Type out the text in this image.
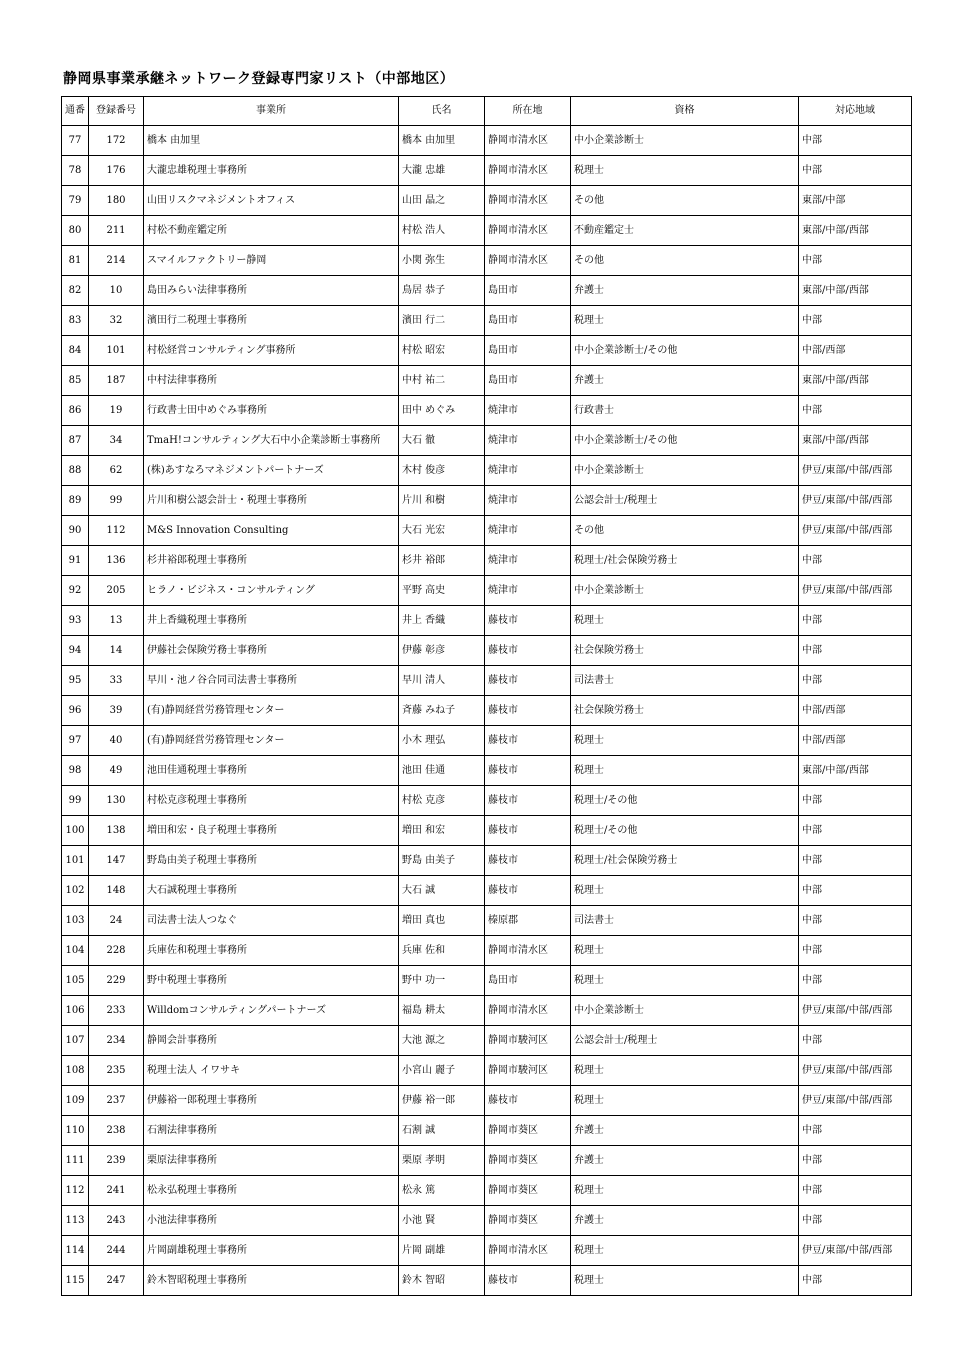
静岡県事業承継ネットワーク登録専門家リスト（中部地区）
通番	登録番号	事業所	氏名	所在地	資格	対応地域
77	172	橋本 由加里	橋本 由加里	静岡市清水区	中小企業診断士	中部
78	176	大瀧忠雄税理士事務所	大瀧 忠雄	静岡市清水区	税理士	中部
79	180	山田リスクマネジメントオフィス	山田 晶之	静岡市清水区	その他	東部/中部
80	211	村松不動産鑑定所	村松 浩人	静岡市清水区	不動産鑑定士	東部/中部/西部
81	214	スマイルファクトリー静岡	小関 弥生	静岡市清水区	その他	中部
82	10	島田みらい法律事務所	鳥居 恭子	島田市	弁護士	東部/中部/西部
83	32	濱田行二税理士事務所	濱田 行二	島田市	税理士	中部
84	101	村松経営コンサルティング事務所	村松 昭宏	島田市	中小企業診断士/その他	中部/西部
85	187	中村法律事務所	中村 祐二	島田市	弁護士	東部/中部/西部
86	19	行政書士田中めぐみ事務所	田中 めぐみ	焼津市	行政書士	中部
87	34	TmaH!コンサルティング大石中小企業診断士事務所	大石 徹	焼津市	中小企業診断士/その他	東部/中部/西部
88	62	(株)あすなろマネジメントパートナーズ	木村 俊彦	焼津市	中小企業診断士	伊豆/東部/中部/西部
89	99	片川和樹公認会計士・税理士事務所	片川 和樹	焼津市	公認会計士/税理士	伊豆/東部/中部/西部
90	112	M&S Innovation Consulting	大石 光宏	焼津市	その他	伊豆/東部/中部/西部
91	136	杉井裕郎税理士事務所	杉井 裕郎	焼津市	税理士/社会保険労務士	中部
92	205	ヒラノ・ビジネス・コンサルティング	平野 高史	焼津市	中小企業診断士	伊豆/東部/中部/西部
93	13	井上香織税理士事務所	井上 香織	藤枝市	税理士	中部
94	14	伊藤社会保険労務士事務所	伊藤 彰彦	藤枝市	社会保険労務士	中部
95	33	早川・池ノ谷合同司法書士事務所	早川 清人	藤枝市	司法書士	中部
96	39	(有)静岡経営労務管理センター	斉藤 みね子	藤枝市	社会保険労務士	中部/西部
97	40	(有)静岡経営労務管理センター	小木 理弘	藤枝市	税理士	中部/西部
98	49	池田佳通税理士事務所	池田 佳通	藤枝市	税理士	東部/中部/西部
99	130	村松克彦税理士事務所	村松 克彦	藤枝市	税理士/その他	中部
100	138	増田和宏・良子税理士事務所	増田 和宏	藤枝市	税理士/その他	中部
101	147	野島由美子税理士事務所	野島 由美子	藤枝市	税理士/社会保険労務士	中部
102	148	大石誠税理士事務所	大石 誠	藤枝市	税理士	中部
103	24	司法書士法人つなぐ	増田 真也	榛原郡	司法書士	中部
104	228	兵庫佐和税理士事務所	兵庫 佐和	静岡市清水区	税理士	中部
105	229	野中税理士事務所	野中 功一	島田市	税理士	中部
106	233	Willdomコンサルティングパートナーズ	福島 耕太	静岡市清水区	中小企業診断士	伊豆/東部/中部/西部
107	234	静岡会計事務所	大池 源之	静岡市駿河区	公認会計士/税理士	中部
108	235	税理士法人 イワサキ	小宮山 麗子	静岡市駿河区	税理士	伊豆/東部/中部/西部
109	237	伊藤裕一郎税理士事務所	伊藤 裕一郎	藤枝市	税理士	伊豆/東部/中部/西部
110	238	石割法律事務所	石割 誠	静岡市葵区	弁護士	中部
111	239	栗原法律事務所	栗原 孝明	静岡市葵区	弁護士	中部
112	241	松永弘税理士事務所	松永 篤	静岡市葵区	税理士	中部
113	243	小池法律事務所	小池 賢	静岡市葵区	弁護士	中部
114	244	片岡副雄税理士事務所	片岡 副雄	静岡市清水区	税理士	伊豆/東部/中部/西部
115	247	鈴木智昭税理士事務所	鈴木 智昭	藤枝市	税理士	中部
